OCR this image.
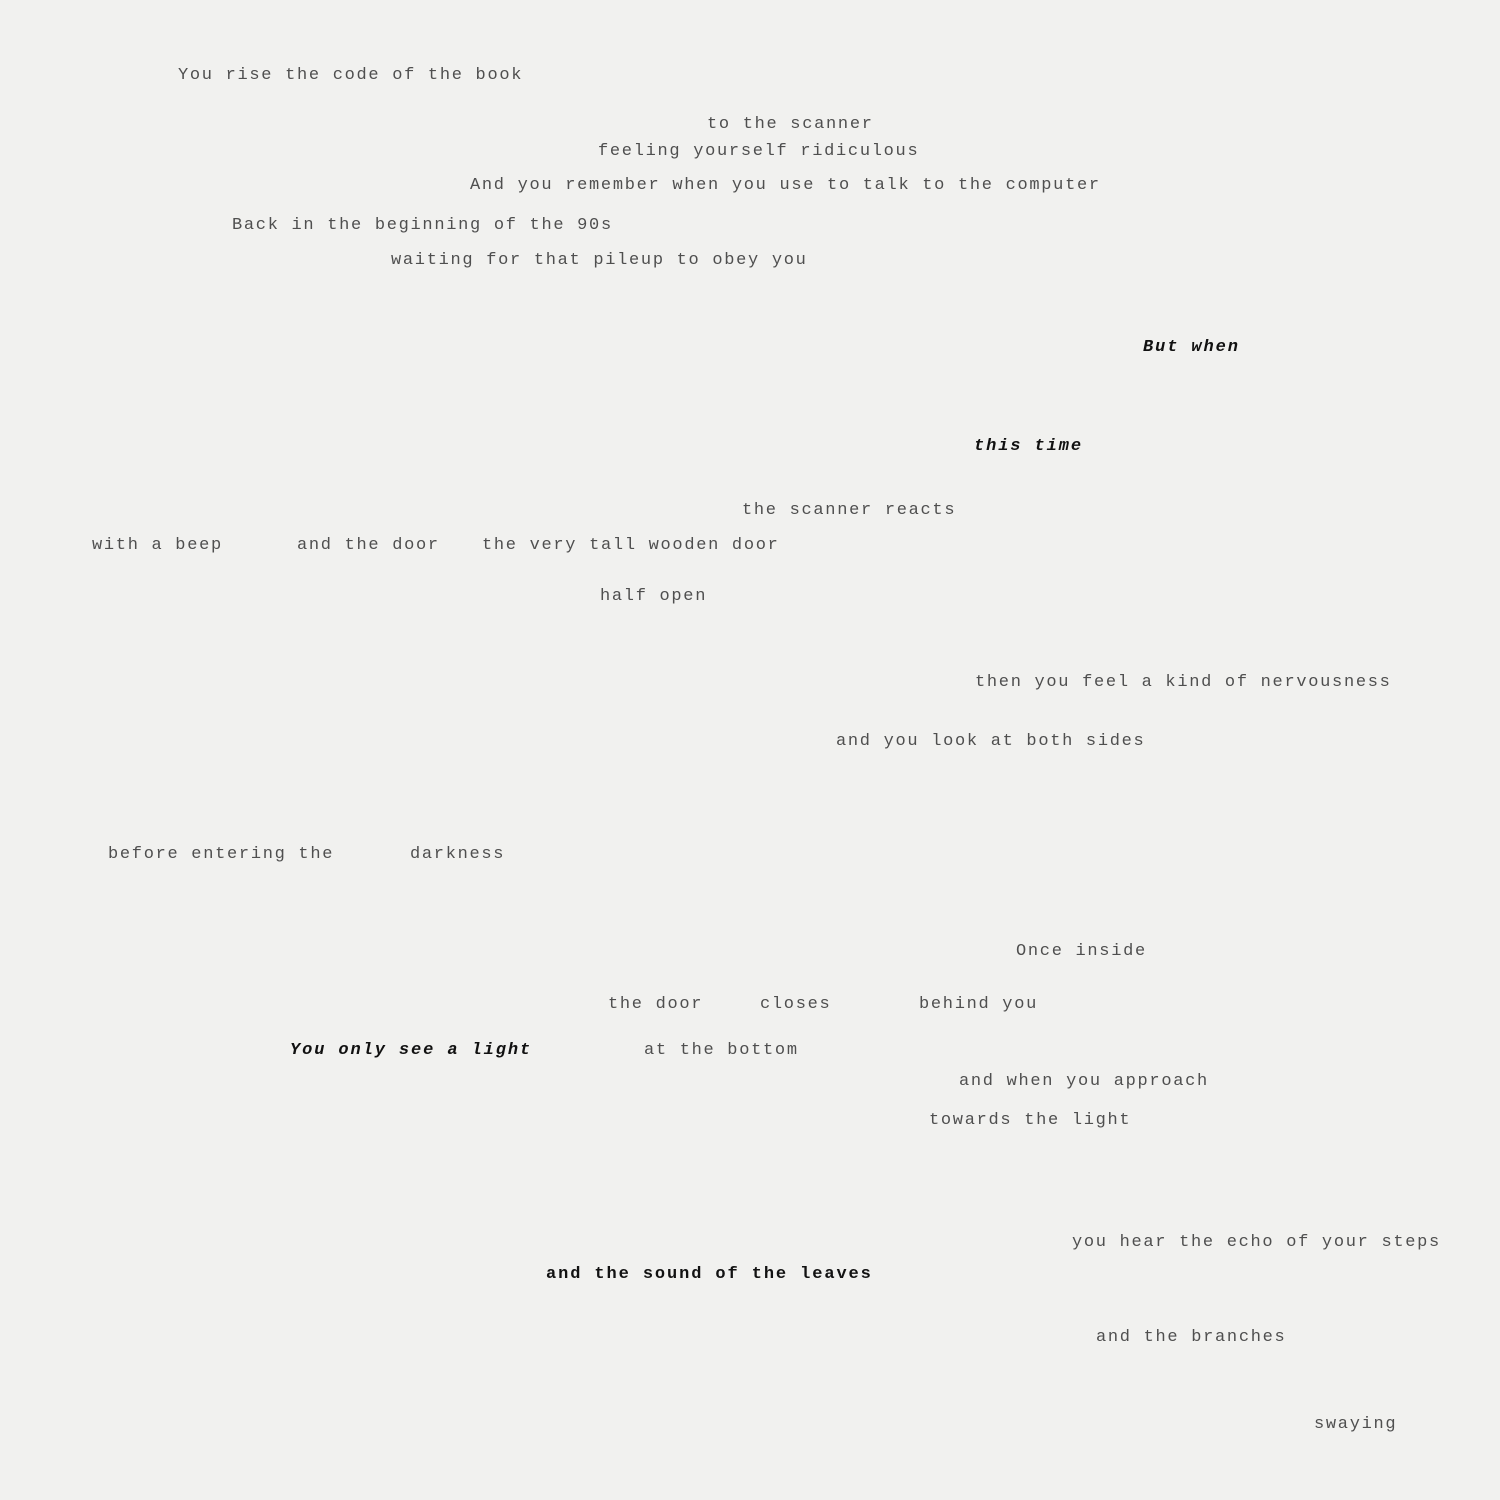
You rise the code of the book
to the scanner
feeling yourself ridiculous
And you remember when you use to talk to the computer
Back in the beginning of the 90s
waiting for that pileup to obey you
But when
this time
the scanner reacts
with a beep	and the door the very tall wooden door
half open
then you feel a kind of nervousness
and you look at both sides
before entering the	darkness
Once inside
the door	closes	behind you
You only see a light	at the bottom
and when you approach
towards the light
you hear the echo of your steps
and the sound of the leaves
and the branches
swaying
